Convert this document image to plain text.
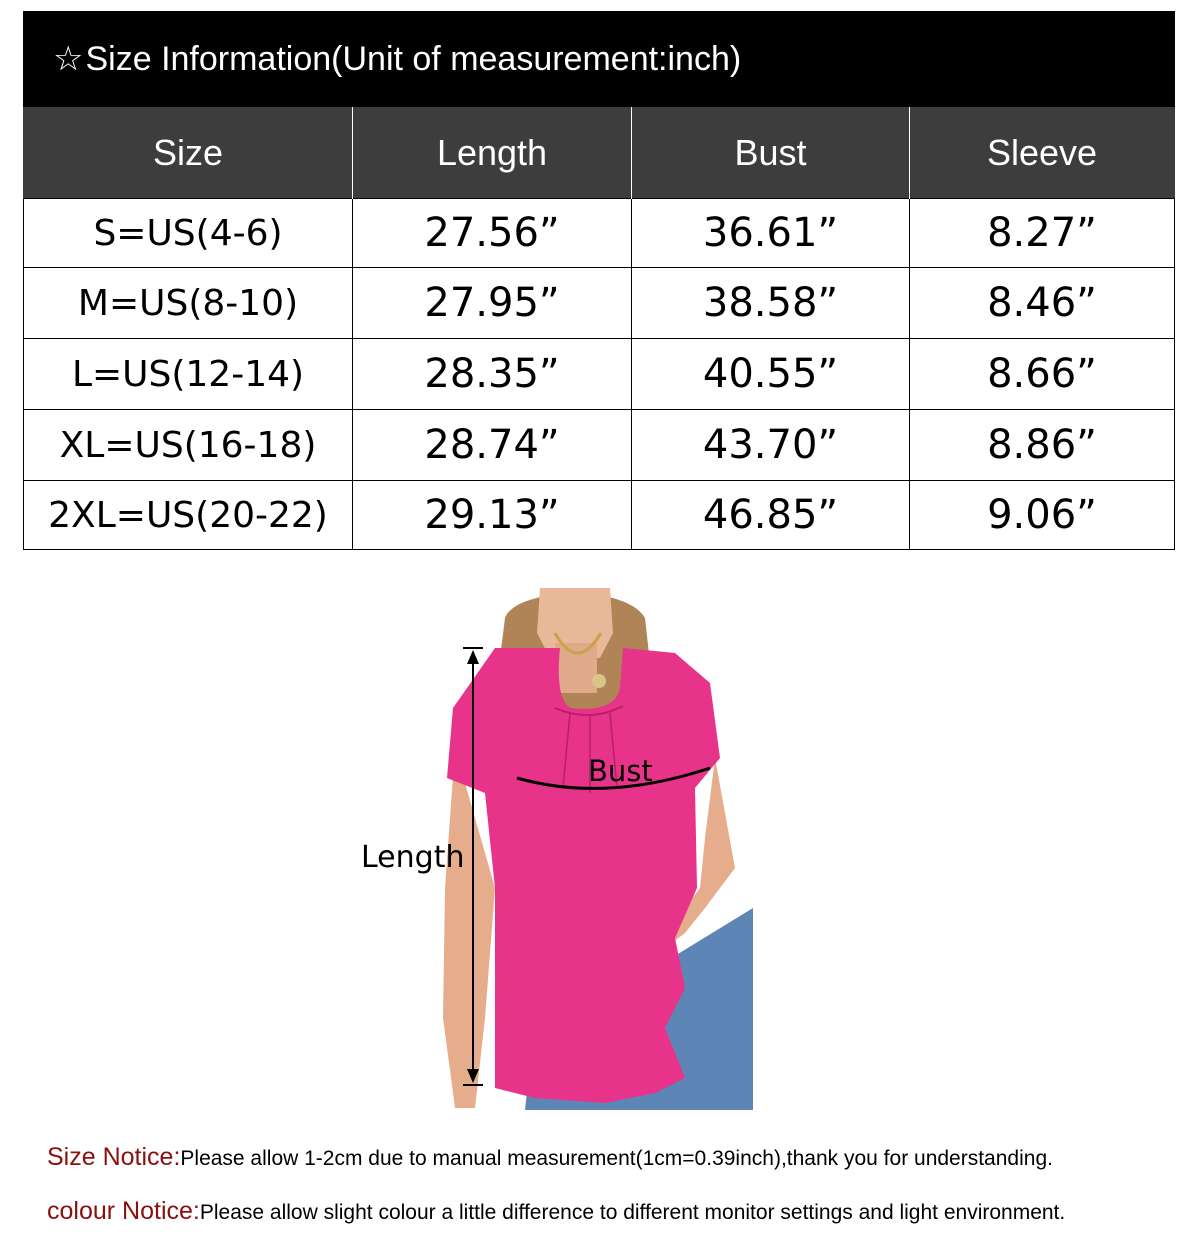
☆ Size Information(Unit of measurement:inch)
Size	Length	Bust	Sleeve
S=US(4-6)	27.56”	36.61”	8.27”
M=US(8-10)	27.95”	38.58”	8.46”
L=US(12-14)	28.35”	40.55”	8.66”
XL=US(16-18)	28.74”	43.70”	8.86”
2XL=US(20-22)	29.13”	46.85”	9.06”
Length
Bust
Size Notice:Please allow 1-2cm due to manual measurement(1cm=0.39inch),thank you for understanding.
colour Notice:Please allow slight colour a little difference to different monitor settings and light environment.
